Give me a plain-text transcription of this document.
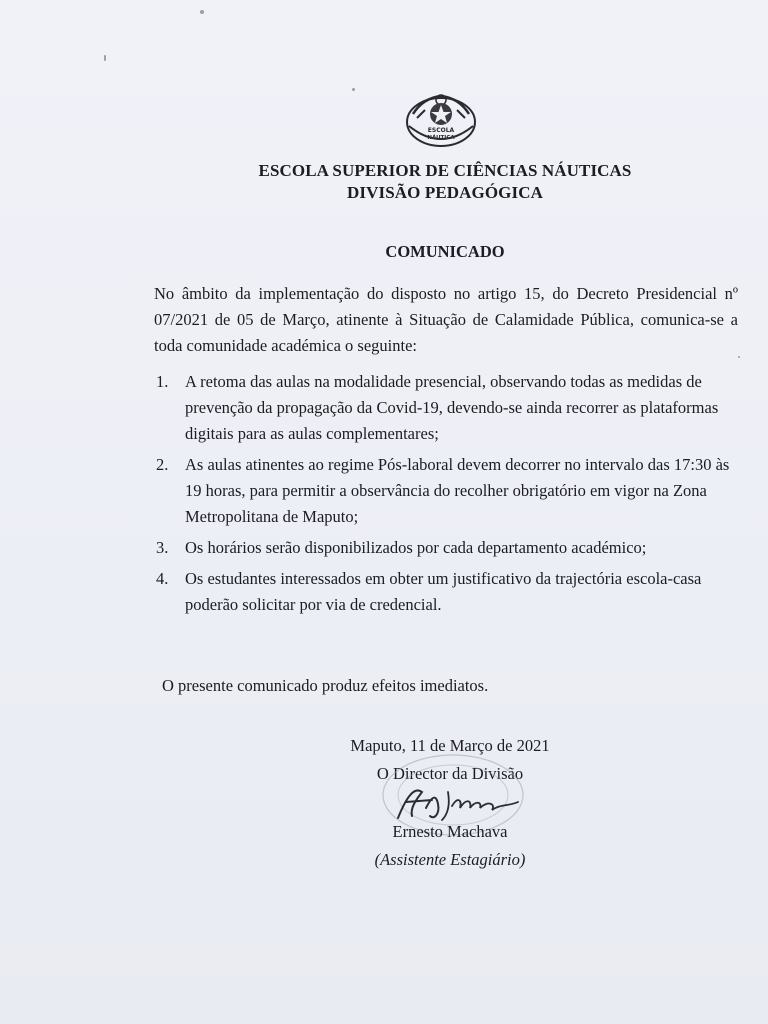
ESCOLA
NÁUTICA
ESCOLA SUPERIOR DE CIÊNCIAS NÁUTICAS
DIVISÃO PEDAGÓGICA
COMUNICADO
No âmbito da implementação do disposto no artigo 15, do Decreto Presidencial nº 07/2021 de 05 de Março, atinente à Situação de Calamidade Pública, comunica-se a toda comunidade académica o seguinte:
1. A retoma das aulas na modalidade presencial, observando todas as medidas de prevenção da propagação da Covid-19, devendo-se ainda recorrer as plataformas digitais para as aulas complementares;
2. As aulas atinentes ao regime Pós-laboral devem decorrer no intervalo das 17:30 às 19 horas, para permitir a observância do recolher obrigatório em vigor na Zona Metropolitana de Maputo;
3. Os horários serão disponibilizados por cada departamento académico;
4. Os estudantes interessados em obter um justificativo da trajectória escola-casa poderão solicitar por via de credencial.
O presente comunicado produz efeitos imediatos.
Maputo, 11 de Março de 2021
O Director da Divisão
Ernesto Machava
(Assistente Estagiário)
